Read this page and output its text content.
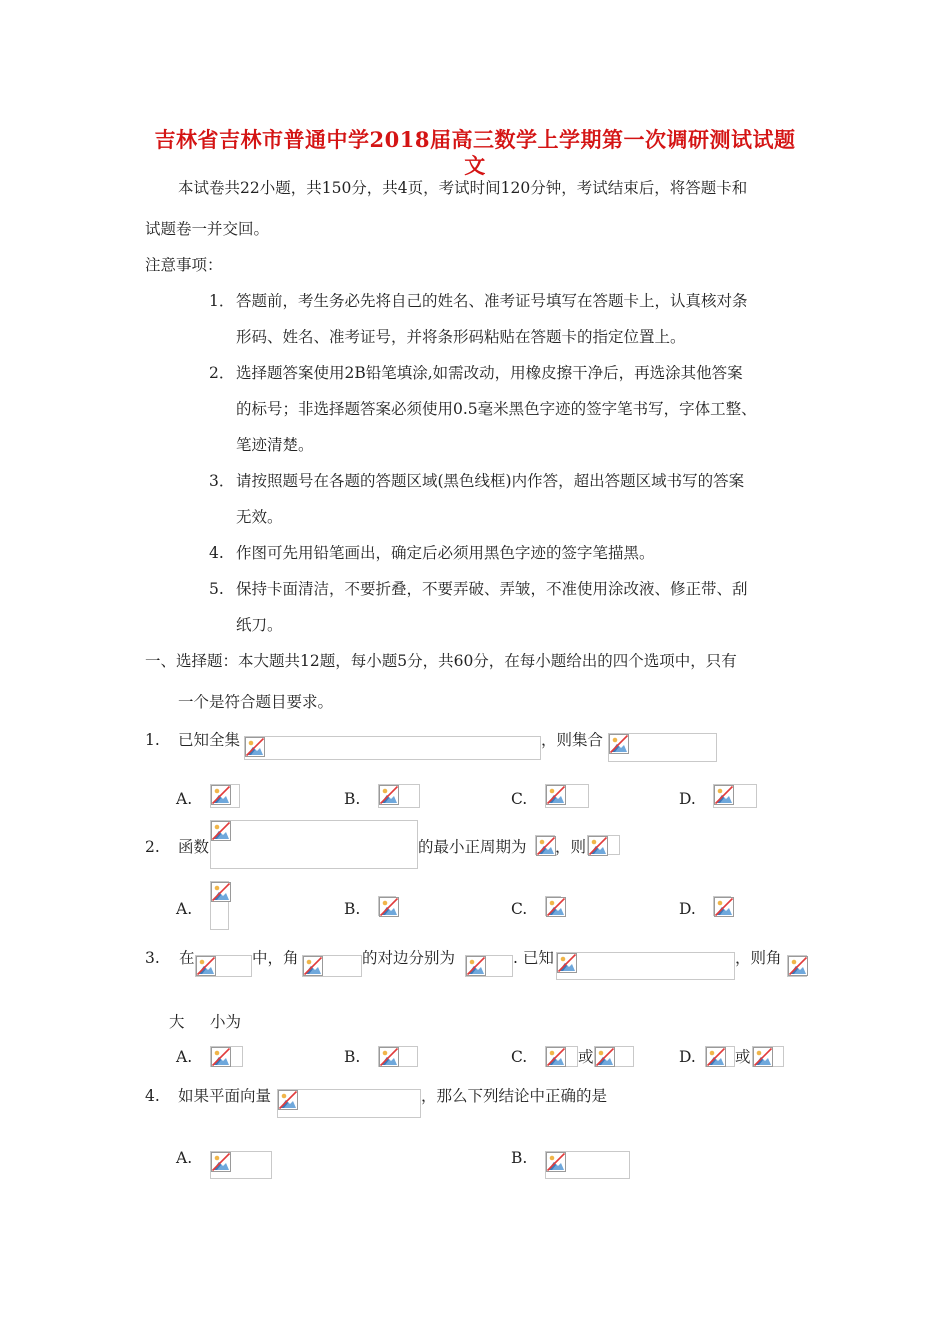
吉林省吉林市普通中学2018届高三数学上学期第一次调研测试试题
文
本试卷共22小题，共150分，共4页，考试时间120分钟，考试结束后，将答题卡和
试题卷一并交回。
注意事项：
1． 答题前，考生务必先将自己的姓名、准考证号填写在答题卡上，认真核对条
形码、姓名、准考证号，并将条形码粘贴在答题卡的指定位置上。
2． 选择题答案使用2B铅笔填涂,如需改动，用橡皮擦干净后，再选涂其他答案
的标号；非选择题答案必须使用0.5毫米黑色字迹的签字笔书写，字体工整、
笔迹清楚。
3． 请按照题号在各题的答题区域(黑色线框)内作答，超出答题区域书写的答案
无效。
4. 作图可先用铅笔画出，确定后必须用黑色字迹的签字笔描黑。
5. 保持卡面清洁，不要折叠，不要弄破、弄皱，不准使用涂改液、修正带、刮
纸刀。
一、选择题：本大题共12题，每小题5分，共60分，在每小题给出的四个选项中，只有
一个是符合题目要求。
1. 已知全集	，则集合
A.	B.	C.	D.
2. 函数	的最小正周期为 ，则
A.	B.	C.	D.
3. 在	中，角	的对边分别为	. 已知	，则角
大 小为
A.	B.	C.	或	D.	或
4. 如果平面向量	，那么下列结论中正确的是
A.	B.
